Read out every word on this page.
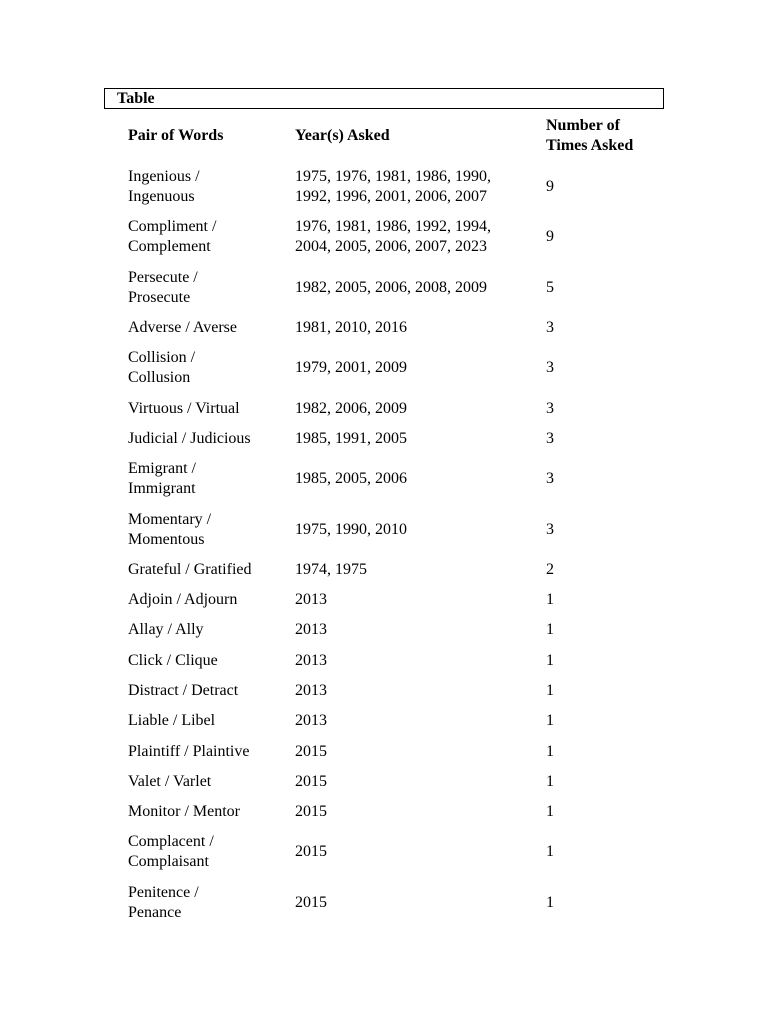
Table
Pair of Words	Year(s) Asked	Number of
Times Asked
Ingenious /
Ingenuous	1975, 1976, 1981, 1986, 1990,
1992, 1996, 2001, 2006, 2007	9
Compliment /
Complement	1976, 1981, 1986, 1992, 1994,
2004, 2005, 2006, 2007, 2023	9
Persecute /
Prosecute	1982, 2005, 2006, 2008, 2009	5
Adverse / Averse	1981, 2010, 2016	3
Collision /
Collusion	1979, 2001, 2009	3
Virtuous / Virtual	1982, 2006, 2009	3
Judicial / Judicious	1985, 1991, 2005	3
Emigrant /
Immigrant	1985, 2005, 2006	3
Momentary /
Momentous	1975, 1990, 2010	3
Grateful / Gratified	1974, 1975	2
Adjoin / Adjourn	2013	1
Allay / Ally	2013	1
Click / Clique	2013	1
Distract / Detract	2013	1
Liable / Libel	2013	1
Plaintiff / Plaintive	2015	1
Valet / Varlet	2015	1
Monitor / Mentor	2015	1
Complacent /
Complaisant	2015	1
Penitence /
Penance	2015	1
